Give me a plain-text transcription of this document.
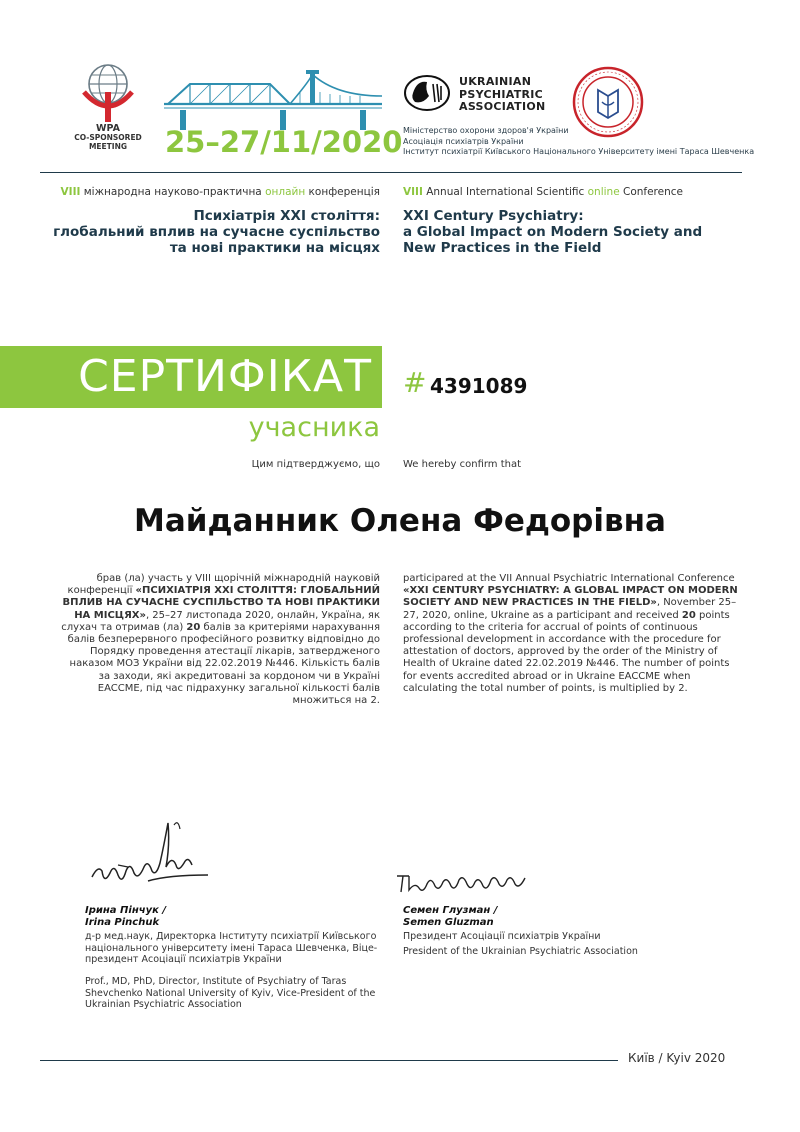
WPA
CO-SPONSORED
MEETING	25–27/11/2020
UKRAINIAN
PSYCHIATRIC
ASSOCIATION
Міністерство охорони здоров'я України
Асоціація психіатрів України
Інститут психіатрії Київського Національного Університету імені Тараса Шевченка
VIII міжнародна науково-практична онлайн конференція VIII Annual International Scientific online Conference
Психіатрія XXI століття:
глобальний вплив на сучасне суспільство
та нові практики на місцях
XXI Century Psychiatry:
a Global Impact on Modern Society and
New Practices in the Field
СЕРТИФІКАТ
учасника
# 4391089
Цим підтверджуємо, що We hereby confirm that
Майданник Олена Федорівна
брав (ла) участь у VIII щорічній міжнародній науковій конференції «ПСИХІАТРІЯ XXI СТОЛІТТЯ: ГЛОБАЛЬНИЙ ВПЛИВ НА СУЧАСНЕ СУСПІЛЬСТВО ТА НОВІ ПРАКТИКИ НА МІСЦЯХ», 25–27 листопада 2020, онлайн, Україна, як слухач та отримав (ла) 20 балів за критеріями нарахування балів безперервного професійного розвитку відповідно до Порядку проведення атестації лікарів, затвердженого наказом МОЗ України від 22.02.2019 №446. Кількість балів за заходи, які акредитовані за кордоном чи в Україні EACCME, під час підрахунку загальної кількості балів множиться на 2.
participared at the VII Annual Psychiatric International Conference «XXI CENTURY PSYCHIATRY: A GLOBAL IMPACT ON MODERN SOCIETY AND NEW PRACTICES IN THE FIELD», November 25–27, 2020, online, Ukraine as a participant and received 20 points according to the criteria for accrual of points of continuous professional development in accordance with the procedure for attestation of doctors, approved by the order of the Ministry of Health of Ukraine dated 22.02.2019 №446. The number of points for events accredited abroad or in Ukraine EACCME when calculating the total number of points, is multiplied by 2.
Ірина Пінчук /
Irina Pinchuk
д-р мед.наук, Директорка Інституту психіатрії Київського національного університету імені Тараса Шевченка, Віце-президент Асоціації психіатрів України
Prof., MD, PhD, Director, Institute of Psychiatry of Taras Shevchenko National University of Kyiv, Vice-President of the Ukrainian Psychiatric Association
Семен Глузман /
Semen Gluzman
Президент Асоціації психіатрів України
President of the Ukrainian Psychiatric Association
Київ / Kyiv 2020
